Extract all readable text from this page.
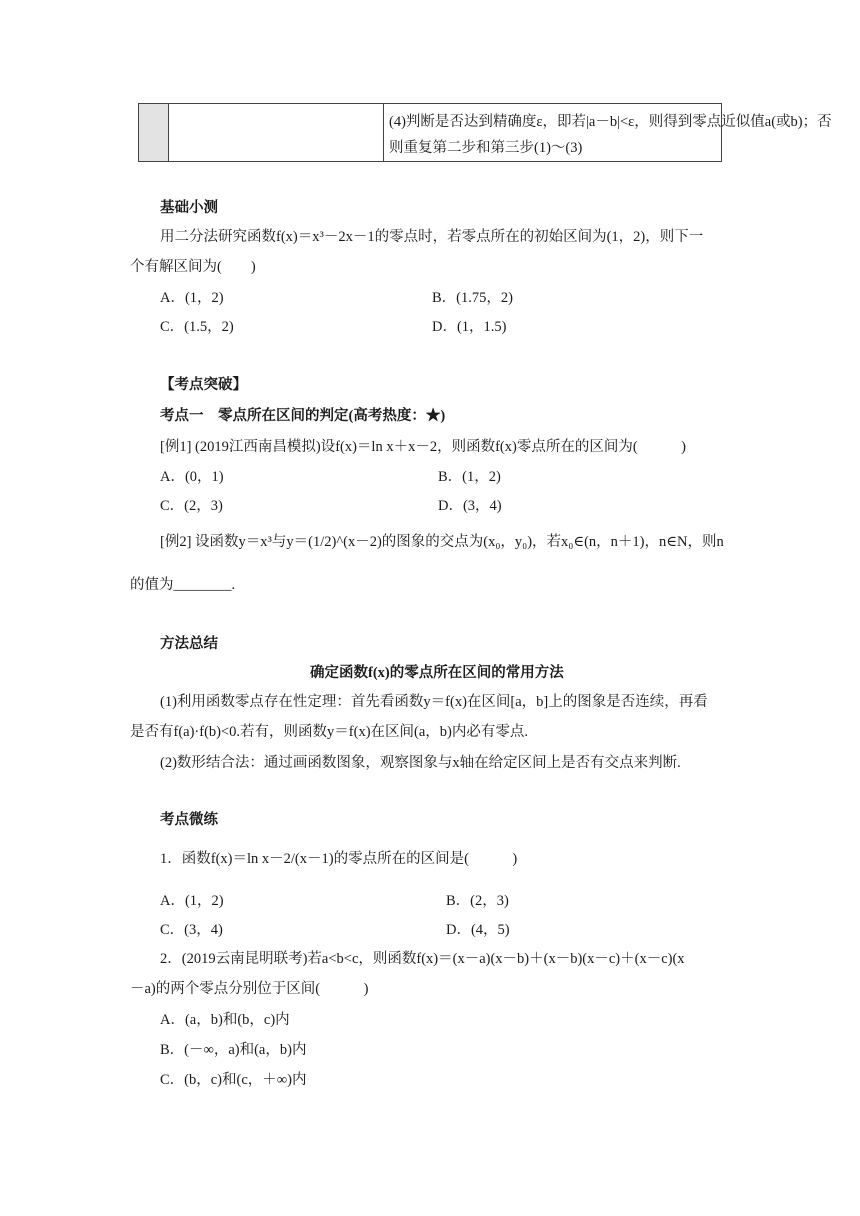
(4)判断是否达到精确度ε，即若|a－b|<ε，则得到零点近似值a(或b)；否
则重复第二步和第三步(1)～(3)
基础小测
用二分法研究函数f(x)＝x³－2x－1的零点时，若零点所在的初始区间为(1，2)，则下一
个有解区间为(　　)
A．(1，2)	B．(1.75，2)
C．(1.5，2)	D．(1，1.5)
【考点突破】
考点一　零点所在区间的判定(高考热度：★)
[例1] (2019江西南昌模拟)设f(x)＝ln x＋x－2，则函数f(x)零点所在的区间为(　　　)
A．(0，1)	B．(1，2)
C．(2，3)	D．(3，4)
[例2] 设函数y＝x³与y＝(1/2)^(x－2)的图象的交点为(x₀，y₀)，若x₀∈(n，n＋1)，n∈N，则n
的值为________.
方法总结
确定函数f(x)的零点所在区间的常用方法
(1)利用函数零点存在性定理：首先看函数y＝f(x)在区间[a，b]上的图象是否连续，再看
是否有f(a)·f(b)<0.若有，则函数y＝f(x)在区间(a，b)内必有零点.
(2)数形结合法：通过画函数图象，观察图象与x轴在给定区间上是否有交点来判断.
考点微练
1．函数f(x)＝ln x－2/(x－1)的零点所在的区间是(　　　)
A．(1，2)	B．(2，3)
C．(3，4)	D．(4，5)
2．(2019云南昆明联考)若a<b<c，则函数f(x)＝(x－a)(x－b)＋(x－b)(x－c)＋(x－c)(x
－a)的两个零点分别位于区间(　　　)
A．(a，b)和(b，c)内
B．(－∞，a)和(a，b)内
C．(b，c)和(c，＋∞)内
